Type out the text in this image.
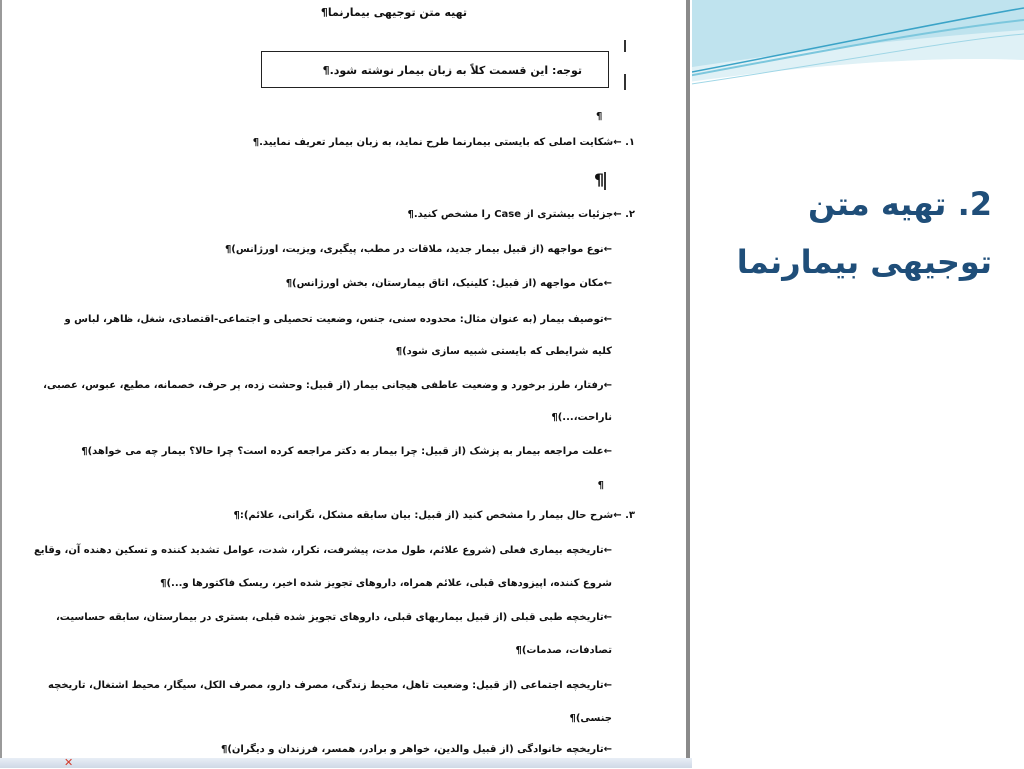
2. تهیه متن توجیهی بیمارنما
تهیه متن توجیهی بیمارنما¶
توجه: این قسمت کلاً به زبان بیمار نوشته شود.¶
¶
۱. ←شکایت اصلی که بایستی بیمارنما طرح نماید، به زبان بیمار تعریف نمایید.¶
¶
۲. ←جزئیات بیشتری از Case را مشخص کنید.¶
←نوع مواجهه (از قبیل بیمار جدید، ملاقات در مطب، پیگیری، ویزیت، اورژانس)¶
←مکان مواجهه (از قبیل: کلینیک، اتاق بیمارستان، بخش اورژانس)¶
←توصیف بیمار (به عنوان مثال: محدوده سنی، جنس، وضعیت تحصیلی و اجتماعی-اقتصادی، شغل، ظاهر، لباس و
کلیه شرایطی که بایستی شبیه سازی شود)¶
←رفتار، طرز برخورد و وضعیت عاطفی هیجانی بیمار (از قبیل: وحشت زده، پر حرف، خصمانه، مطیع، عبوس، عصبی،
ناراحت،...)¶
←علت مراجعه بیمار به پزشک (از قبیل: چرا بیمار به دکتر مراجعه کرده است؟ چرا حالا؟ بیمار چه می خواهد)¶
¶
۳. ←شرح حال بیمار را مشخص کنید (از قبیل: بیان سابقه مشکل، نگرانی، علائم):¶
←تاریخچه بیماری فعلی (شروع علائم، طول مدت، پیشرفت، تکرار، شدت، عوامل تشدید کننده و تسکین دهنده آن، وقایع
شروع کننده، اپیزودهای قبلی، علائم همراه، داروهای تجویز شده اخیر، ریسک فاکتورها و...)¶
←تاریخچه طبی قبلی (از قبیل بیماریهای قبلی، داروهای تجویز شده قبلی، بستری در بیمارستان، سابقه حساسیت،
تصادفات، صدمات)¶
←تاریخچه اجتماعی (از قبیل: وضعیت تاهل، محیط زندگی، مصرف دارو، مصرف الکل، سیگار، محیط اشتغال، تاریخچه
جنسی)¶
←تاریخچه خانوادگی (از قبیل والدین، خواهر و برادر، همسر، فرزندان و دیگران)¶
✕
